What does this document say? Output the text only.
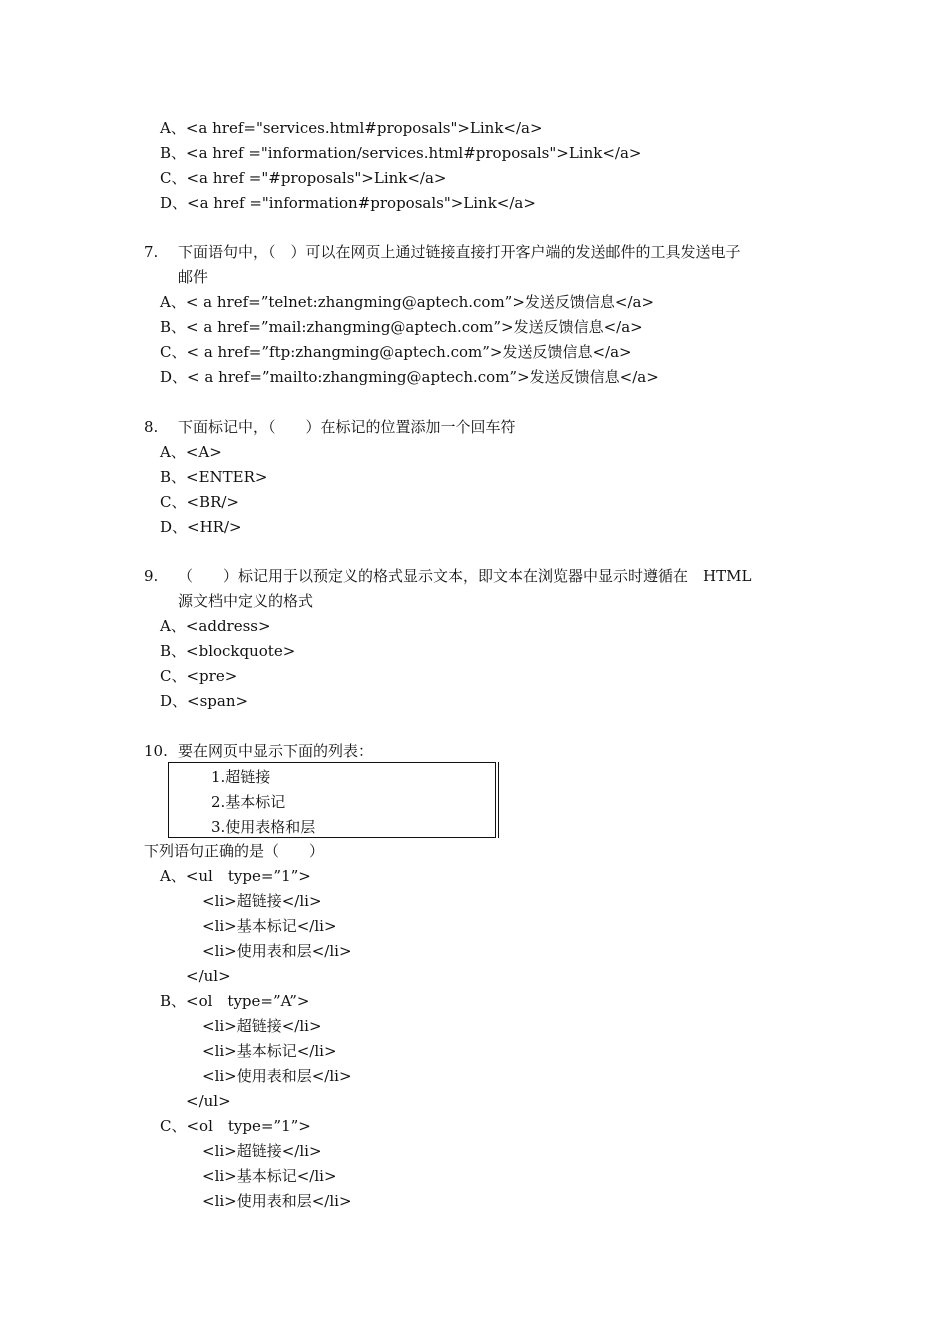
A、<a href="services.html#proposals">Link</a>
B、<a href ="information/services.html#proposals">Link</a>
C、<a href ="#proposals">Link</a>
D、<a href ="information#proposals">Link</a>
7. 下面语句中，（　）可以在网页上通过链接直接打开客户端的发送邮件的工具发送电子
邮件
A、< a href=”telnet:zhangming@aptech.com”>发送反馈信息</a>
B、< a href=”mail:zhangming@aptech.com”>发送反馈信息</a>
C、< a href=”ftp:zhangming@aptech.com”>发送反馈信息</a>
D、< a href=”mailto:zhangming@aptech.com”>发送反馈信息</a>
8. 下面标记中，（　　）在标记的位置添加一个回车符
A、<A>
B、<ENTER>
C、<BR/>
D、<HR/>
9. （　　）标记用于以预定义的格式显示文本，即文本在浏览器中显示时遵循在　HTML
源文档中定义的格式
A、<address>
B、<blockquote>
C、<pre>
D、<span>
10. 要在网页中显示下面的列表：
1.超链接
2.基本标记
3.使用表格和层
下列语句正确的是（　　）
A、<ul　type=”1”>
<li>超链接</li>
<li>基本标记</li>
<li>使用表和层</li>
</ul>
B、<ol　type=”A”>
<li>超链接</li>
<li>基本标记</li>
<li>使用表和层</li>
</ul>
C、<ol　type=”1”>
<li>超链接</li>
<li>基本标记</li>
<li>使用表和层</li>
